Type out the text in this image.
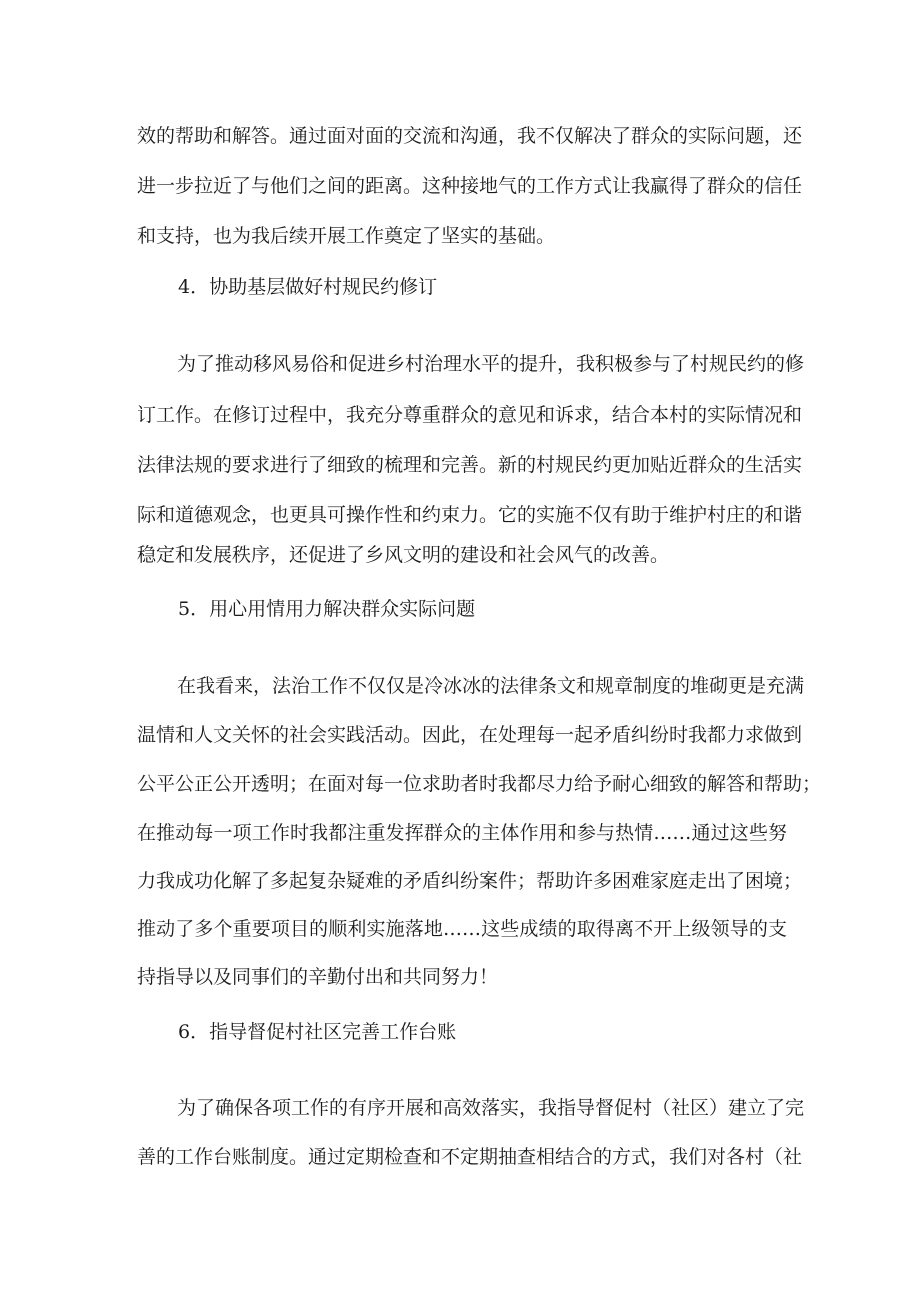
效的帮助和解答。通过面对面的交流和沟通，我不仅解决了群众的实际问题，还
进一步拉近了与他们之间的距离。这种接地气的工作方式让我赢得了群众的信任
和支持，也为我后续开展工作奠定了坚实的基础。
4．协助基层做好村规民约修订
为了推动移风易俗和促进乡村治理水平的提升，我积极参与了村规民约的修
订工作。在修订过程中，我充分尊重群众的意见和诉求，结合本村的实际情况和
法律法规的要求进行了细致的梳理和完善。新的村规民约更加贴近群众的生活实
际和道德观念，也更具可操作性和约束力。它的实施不仅有助于维护村庄的和谐
稳定和发展秩序，还促进了乡风文明的建设和社会风气的改善。
5．用心用情用力解决群众实际问题
在我看来，法治工作不仅仅是冷冰冰的法律条文和规章制度的堆砌更是充满
温情和人文关怀的社会实践活动。因此，在处理每一起矛盾纠纷时我都力求做到
公平公正公开透明；在面对每一位求助者时我都尽力给予耐心细致的解答和帮助；
在推动每一项工作时我都注重发挥群众的主体作用和参与热情……通过这些努
力我成功化解了多起复杂疑难的矛盾纠纷案件；帮助许多困难家庭走出了困境；
推动了多个重要项目的顺利实施落地……这些成绩的取得离不开上级领导的支
持指导以及同事们的辛勤付出和共同努力！
6．指导督促村社区完善工作台账
为了确保各项工作的有序开展和高效落实，我指导督促村（社区）建立了完
善的工作台账制度。通过定期检查和不定期抽查相结合的方式，我们对各村（社
